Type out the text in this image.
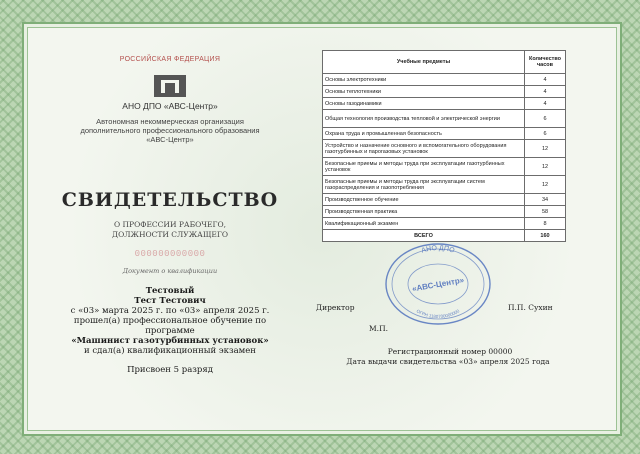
РОССИЙСКАЯ ФЕДЕРАЦИЯ
АНО ДПО «АВС-Центр»
Автономная некоммерческая организация
дополнительного профессионального образования
«АВС-Центр»
СВИДЕТЕЛЬСТВО
О ПРОФЕССИИ РАБОЧЕГО,
ДОЛЖНОСТИ СЛУЖАЩЕГО
000000000000
Документ о квалификации
Тестовый
Тест Тестович
с «03» марта 2025 г. по «03» апреля 2025 г.
прошел(а) профессиональное обучение по программе
«Машинист газотурбинных установок»
и сдал(а) квалификационный экзамен
Присвоен 5 разряд
Учебные предметы	Количество часов
Основы электротехники	4
Основы теплотехники	4
Основы газодинамики	4
Общая технология производства тепловой и электрической энергии	6
Охрана труда и промышленная безопасность	6
Устройство и назначение основного и вспомогательного оборудования газотурбинных и парогазовых установок	12
Безопасные приемы и методы труда при эксплуатации газотурбинных установок	12
Безопасные приемы и методы труда при эксплуатации систем газораспределения и газопотребления	12
Производственное обучение	34
Производственная практика	58
Квалификационный экзамен	8
ВСЕГО	160
АНО ДПО
«АВС-Центр»
ОГРН 1180700000000
Директор	П.П. Сухин
М.П.
Регистрационный номер 00000
Дата выдачи свидетельства «03» апреля 2025 года
